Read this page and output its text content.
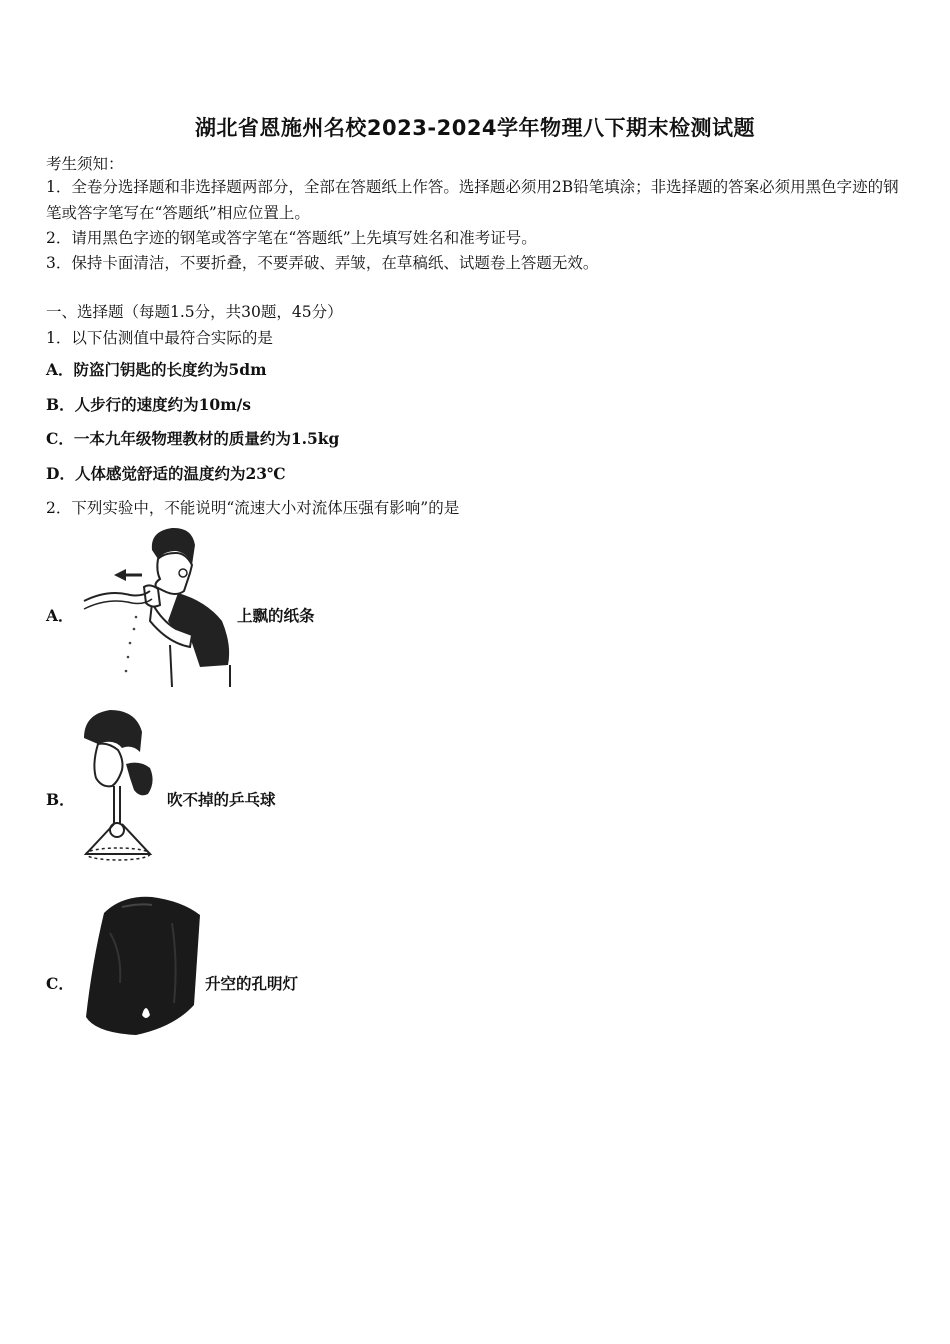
湖北省恩施州名校2023-2024学年物理八下期末检测试题
考生须知：
1．全卷分选择题和非选择题两部分，全部在答题纸上作答。选择题必须用2B铅笔填涂；非选择题的答案必须用黑色字迹的钢笔或答字笔写在“答题纸”相应位置上。
2．请用黑色字迹的钢笔或答字笔在“答题纸”上先填写姓名和准考证号。
3．保持卡面清洁，不要折叠，不要弄破、弄皱，在草稿纸、试题卷上答题无效。
一、选择题（每题1.5分，共30题，45分）
1．以下估测值中最符合实际的是
A．防盗门钥匙的长度约为5dm
B．人步行的速度约为10m/s
C．一本九年级物理教材的质量约为1.5kg
D．人体感觉舒适的温度约为23℃
2．下列实验中，不能说明“流速大小对流体压强有影响”的是
A．	上飘的纸条
B．	吹不掉的乒乓球
C．	升空的孔明灯
